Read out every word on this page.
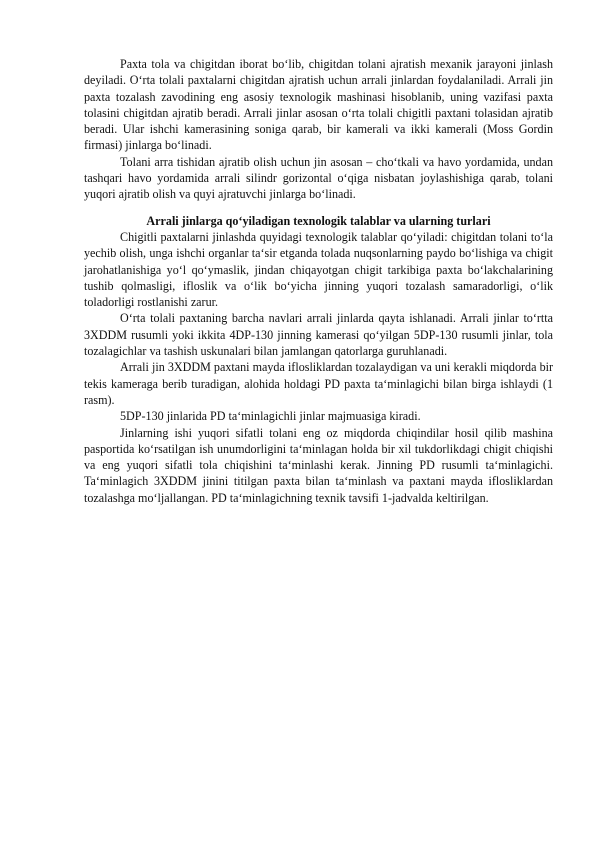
Paxta tola va chigitdan iborat bo‘lib, chigitdan tolani ajratish mexanik jarayoni jinlash deyiladi. O‘rta tolali paxtalarni chigitdan ajratish uchun arrali jinlardan foydalaniladi. Arrali jin paxta tozalash zavodining eng asosiy texnologik mashinasi hisoblanib, uning vazifasi paxta tolasini chigitdan ajratib beradi. Arrali jinlar asosan o‘rta tolali chigitli paxtani tolasidan ajratib beradi. Ular ishchi kamerasining soniga qarab, bir kamerali va ikki kamerali (Moss Gordin firmasi) jinlarga bo‘linadi.

Tolani arra tishidan ajratib olish uchun jin asosan – cho‘tkali va havo yordamida, undan tashqari havo yordamida arrali silindr gorizontal o‘qiga nisbatan joylashishiga qarab, tolani yuqori ajratib olish va quyi ajratuvchi jinlarga bo‘linadi.

Arrali jinlarga qo‘yiladigan texnologik talablar va ularning turlari

Chigitli paxtalarni jinlashda quyidagi texnologik talablar qo‘yiladi: chigitdan tolani to‘la yechib olish, unga ishchi organlar ta‘sir etganda tolada nuqsonlarning paydo bo‘lishiga va chigit jarohatlanishiga yo‘l qo‘ymaslik, jindan chiqayotgan chigit tarkibiga paxta bo‘lakchalarining tushib qolmasligi, ifloslik va o‘lik bo‘yicha jinning yuqori tozalash samaradorligi, o‘lik toladorligi rostlanishi zarur.

O‘rta tolali paxtaning barcha navlari arrali jinlarda qayta ishlanadi. Arrali jinlar to‘rtta 3XDDM rusumli yoki ikkita 4DP-130 jinning kamerasi qo‘yilgan 5DP-130 rusumli jinlar, tola tozalagichlar va tashish uskunalari bilan jamlangan qatorlarga guruhlanadi.

Arrali jin 3XDDM paxtani mayda iflosliklardan tozalaydigan va uni kerakli miqdorda bir tekis kameraga berib turadigan, alohida holdagi PD paxta ta‘minlagichi bilan birga ishlaydi (1 rasm).

5DP-130 jinlarida PD ta‘minlagichli jinlar majmuasiga kiradi.

Jinlarning ishi yuqori sifatli tolani eng oz miqdorda chiqindilar hosil qilib mashina pasportida ko‘rsatilgan ish unumdorligini ta‘minlagan holda bir xil tukdorlikdagi chigit chiqishi va eng yuqori sifatli tola chiqishini ta‘minlashi kerak. Jinning PD rusumli ta‘minlagichi. Ta‘minlagich 3XDDM jinini titilgan paxta bilan ta‘minlash va paxtani mayda iflosliklardan tozalashga mo‘ljallangan. PD ta‘minlagichning texnik tavsifi 1-jadvalda keltirilgan.
